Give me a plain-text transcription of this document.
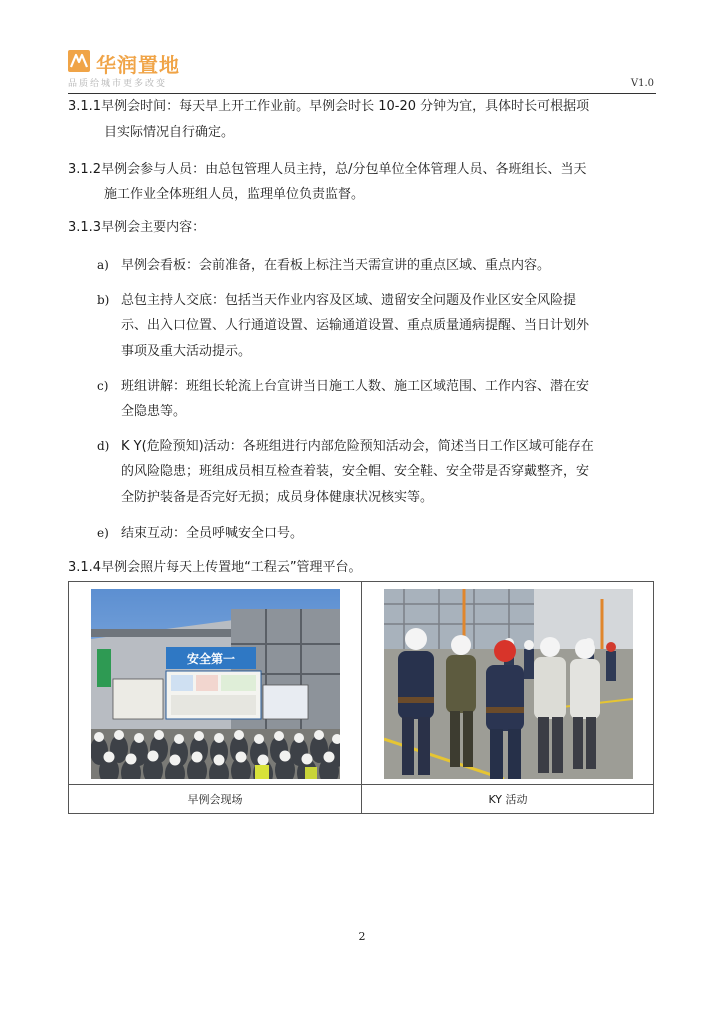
华润置地
品质给城市更多改变	V1.0
3.1.1早例会时间：每天早上开工作业前。早例会时长 10-20 分钟为宜，具体时长可根据项
目实际情况自行确定。
3.1.2早例会参与人员：由总包管理人员主持，总/分包单位全体管理人员、各班组长、当天
施工作业全体班组人员，监理单位负责监督。
3.1.3早例会主要内容：
a) 早例会看板：会前准备，在看板上标注当天需宣讲的重点区域、重点内容。
b) 总包主持人交底：包括当天作业内容及区域、遗留安全问题及作业区安全风险提
示、出入口位置、人行通道设置、运输通道设置、重点质量通病提醒、当日计划外
事项及重大活动提示。
c) 班组讲解：班组长轮流上台宣讲当日施工人数、施工区域范围、工作内容、潜在安
全隐患等。
d) K Y(危险预知)活动：各班组进行内部危险预知活动会，简述当日工作区域可能存在
的风险隐患；班组成员相互检查着装，安全帽、安全鞋、安全带是否穿戴整齐，安
全防护装备是否完好无损；成员身体健康状况核实等。
e) 结束互动：全员呼喊安全口号。
3.1.4早例会照片每天上传置地“工程云”管理平台。
安全第一
早例会现场	KY 活动
2
